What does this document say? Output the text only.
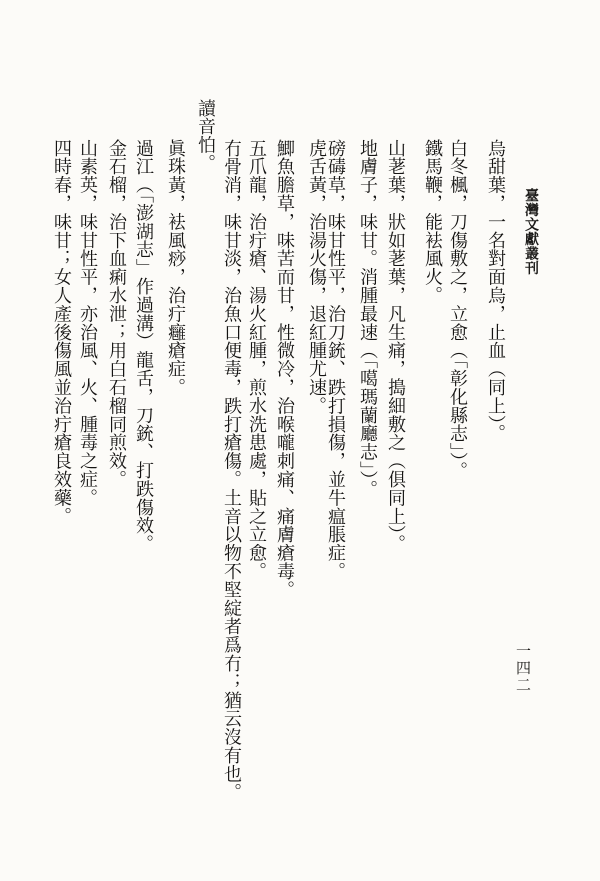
臺灣文獻叢刊
一四二
烏甜葉，一名對面烏，止血（同上）。
白冬楓，刀傷敷之，立愈（「彰化縣志」）。
鐵馬鞭，能袪風火。
山荖葉，狀如荖葉，凡生痛，搗細敷之（俱同上）。
地膚子，味甘。消腫最速（「噶瑪蘭廳志」）。
磅碡草，味甘性平，治刀銃、跌打損傷，並牛瘟脹症。
虎舌黃，治湯火傷，退紅腫尤速。
鯽魚膽草，味苦而甘，性微冷，治喉嚨刺痛、痛膚瘡毒。
五爪龍，治疔瘡、湯火紅腫，煎水洗患處，貼之立愈。
冇骨消，味甘淡，治魚口便毒，跌打瘡傷。土音以物不堅綻者爲冇；猶云沒有也。
讀音怕。
眞珠黃，袪風痧，治疔癰瘡症。
過江（「澎湖志」作過溝）龍舌，刀銃、打跌傷效。
金石榴，治下血痢水泄；用白石榴同煎效。
山素英，味甘性平，亦治風、火、腫毒之症。
四時春，味甘；女人產後傷風並治疔瘡良效藥。
